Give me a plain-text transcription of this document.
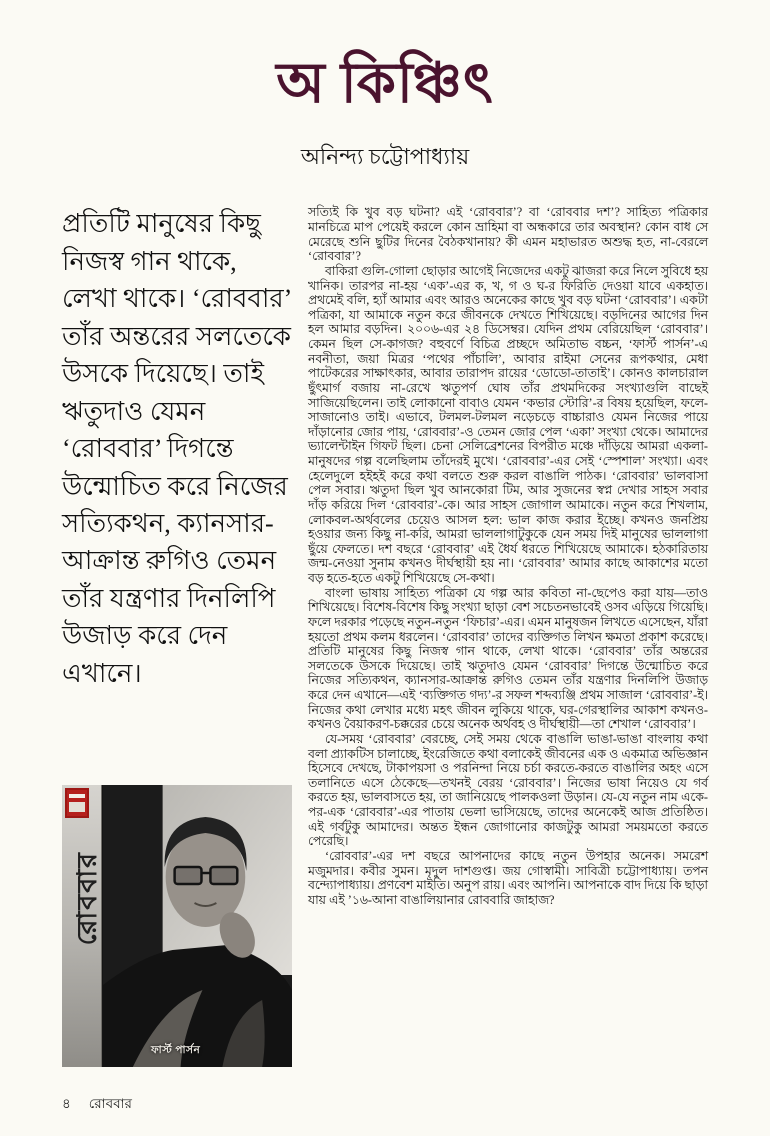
অ কিঞ্চিৎ
অনিন্দ্য চট্টোপাধ্যায়
প্রতিটি মানুষের কিছু নিজস্ব গান থাকে, লেখা থাকে। ‘রোববার’ তাঁর অন্তরের সলতেকে উসকে দিয়েছে। তাই ঋতুদাও যেমন ‘রোববার’ দিগন্তে উন্মোচিত করে নিজের সত্যিকথন, ক্যানসার-আক্রান্ত রুগিও তেমন তাঁর যন্ত্রণার দিনলিপি উজাড় করে দেন এখানে।
রোববার
ফার্স্ট পার্সন

সত্যিই কি খুব বড় ঘটনা? এই ‘রোববার’? বা ‘রোববার দশ’? সাহিত্য পত্রিকার মানচিত্রে মাপ পেয়েই করলে কোন ভ্রাহিমা বা অন্ধকারে তার অবস্থান? কোন বাধ সে মেরেছে শুনি ছুটির দিনের বৈঠকখানায়? কী এমন মহাভারত অশুদ্ধ হত, না-বেরলে ‘রোববার’?

বাকিরা গুলি-গোলা ছোড়ার আগেই নিজেদের একটু ঝাজরা করে নিলে সুবিধে হয় খানিক। তারপর না-হয় ‘এক’-এর ক, খ, গ ও ঘ-র ফিরিতি দেওয়া যাবে একহাত। প্রথমেই বলি, হ্যাঁ আমার এবং আরও অনেকের কাছে খুব বড় ঘটনা ‘রোববার’। একটা পত্রিকা, যা আমাকে নতুন করে জীবনকে দেখতে শিখিয়েছে। বড়দিনের আগের দিন হল আমার বড়দিন। ২০০৬-এর ২৪ ডিসেম্বর। যেদিন প্রথম বেরিয়েছিল ‘রোববার’। কেমন ছিল সে-কাগজ? বহুবর্ণে বিচিত্র প্রচ্ছদে অমিতাভ বচ্চন, ‘ফার্স্ট পার্সন’-এ নবনীতা, জয়া মিত্রর ‘পথের পাঁচালি’, আবার রাইমা সেনের রূপকথার, মেধা পাটেকরের সাক্ষাৎকার, আবার তারাপদ রায়ের ‘ডোডো-তাতাই’। কোনও কালচারাল ছুঁৎমার্গ বজায় না-রেখে ঋতুপর্ণ ঘোষ তাঁর প্রথমদিকের সংখ্যাগুলি বাছেই সাজিয়েছিলেন। তাই লোকানো বাবাও যেমন ‘কভার স্টোরি’-র বিষয় হয়েছিল, ফলে-সাজানোও তাই। এভাবে, টলমল-টলমল নড়েচড়ে বাচ্চারাও যেমন নিজের পায়ে দাঁড়ানোর জোর পায়, ‘রোববার’-ও তেমন জোর পেল ‘একা’ সংখ্যা থেকে। আমাদের ভ্যালেন্টাইন গিফট ছিল। চেনা সেলিব্রেশনের বিপরীত মঞ্চে দাঁড়িয়ে আমরা একলা-মানুষদের গল্প বলেছিলাম তাঁদেরই মুখে। ‘রোববার’-এর সেই ‘স্পেশাল’ সংখ্যা। এবং হেলেদুলে হইহই করে কথা বলতে শুরু করল বাঙালি পাঠক। ‘রোববার’ ভালবাসা পেল সবার। ঋতুদা ছিল খুব আনকোরা টিম, আর সুজনের স্বপ্ন দেখার সাহস সবার দাঁড় করিয়ে দিল ‘রোববার’-কে। আর সাহস জোগাল আমাকে। নতুন করে শিখলাম, লোকবল-অর্থবলের চেয়েও আসল হল: ভাল কাজ করার ইচ্ছে। কখনও জনপ্রিয় হওয়ার জন্য কিছু না-করি, আমরা ভাললাগাটুকুকে যেন সময় দিই মানুষের ভাললাগা ছুঁয়ে ফেলতে। দশ বছরে ‘রোববার’ এই ধৈর্য ধরতে শিখিয়েছে আমাকে। হঠকারিতায় জন্ম-নেওয়া সুনাম কখনও দীর্ঘস্থায়ী হয় না। ‘রোববার’ আমার কাছে আকাশের মতো বড় হতে-হতে একটু শিখিয়েছে সে-কথা।

বাংলা ভাষায় সাহিত্য পত্রিকা যে গল্প আর কবিতা না-ছেপেও করা যায়—তাও শিখিয়েছে। বিশেষ-বিশেষ কিছু সংখ্যা ছাড়া বেশ সচেতনভাবেই ওসব এড়িয়ে গিয়েছি। ফলে দরকার পড়েছে নতুন-নতুন ‘ফিচার’-এর। এমন মানুষজন লিখতে এসেছেন, যাঁরা হয়তো প্রথম কলম ধরলেন। ‘রোববার’ তাদের ব্যক্তিগত লিখন ক্ষমতা প্রকাশ করেছে। প্রতিটি মানুষের কিছু নিজস্ব গান থাকে, লেখা থাকে। ‘রোববার’ তাঁর অন্তরের সলতেকে উসকে দিয়েছে। তাই ঋতুদাও যেমন ‘রোববার’ দিগন্তে উন্মোচিত করে নিজের সত্যিকথন, ক্যানসার-আক্রান্ত রুগিও তেমন তাঁর যন্ত্রণার দিনলিপি উজাড় করে দেন এখানে—এই ‘ব্যক্তিগত গদ্য’-র সফল শব্দব্যঞ্জি প্রথম সাজাল ‘রোববার’-ই। নিজের কথা লেখার মধ্যে মহৎ জীবন লুকিয়ে থাকে, ঘর-গেরস্থালির আকাশ কখনও-কখনও বৈয়াকরণ-চক্করের চেয়ে অনেক অর্থবহ ও দীর্ঘস্থায়ী—তা শেখাল ‘রোববার’।

যে-সময় ‘রোববার’ বেরচ্ছে, সেই সময় থেকে বাঙালি ভাঙা-ভাঙা বাংলায় কথা বলা প্র্যাকটিস চালাচ্ছে, ইংরেজিতে কথা বলাকেই জীবনের এক ও একমাত্র অভিজ্ঞান হিসেবে দেখছে, টাকাপয়সা ও পরনিন্দা নিয়ে চর্চা করতে-করতে বাঙালির অহং এসে তলানিতে এসে ঠেকেছে—তখনই বেরয় ‘রোববার’। নিজের ভাষা নিয়েও যে গর্ব করতে হয়, ভালবাসতে হয়, তা জানিয়েছে পালকওলা উড়ান। যে-যে নতুন নাম একে-পর-এক ‘রোববার’-এর পাতায় ভেলা ভাসিয়েছে, তাদের অনেকেই আজ প্রতিষ্ঠিত। এই গর্বটুকু আমাদের। অন্তত ইন্ধন জোগানোর কাজটুকু আমরা সময়মতো করতে পেরেছি।

‘রোববার’-এর দশ বছরে আপনাদের কাছে নতুন উপহার অনেক। সমরেশ মজুমদার। কবীর সুমন। মৃদুল দাশগুপ্ত। জয় গোস্বামী। সাবিত্রী চট্টোপাধ্যায়। তপন বন্দ্যোপাধ্যায়। প্রণবেশ মাইতি। অনুপ রায়। এবং আপনি। আপনাকে বাদ দিয়ে কি ছাড়া যায় এই ’১৬-আনা বাঙালিয়ানার রোববারি জাহাজ?

৪ রোববার
